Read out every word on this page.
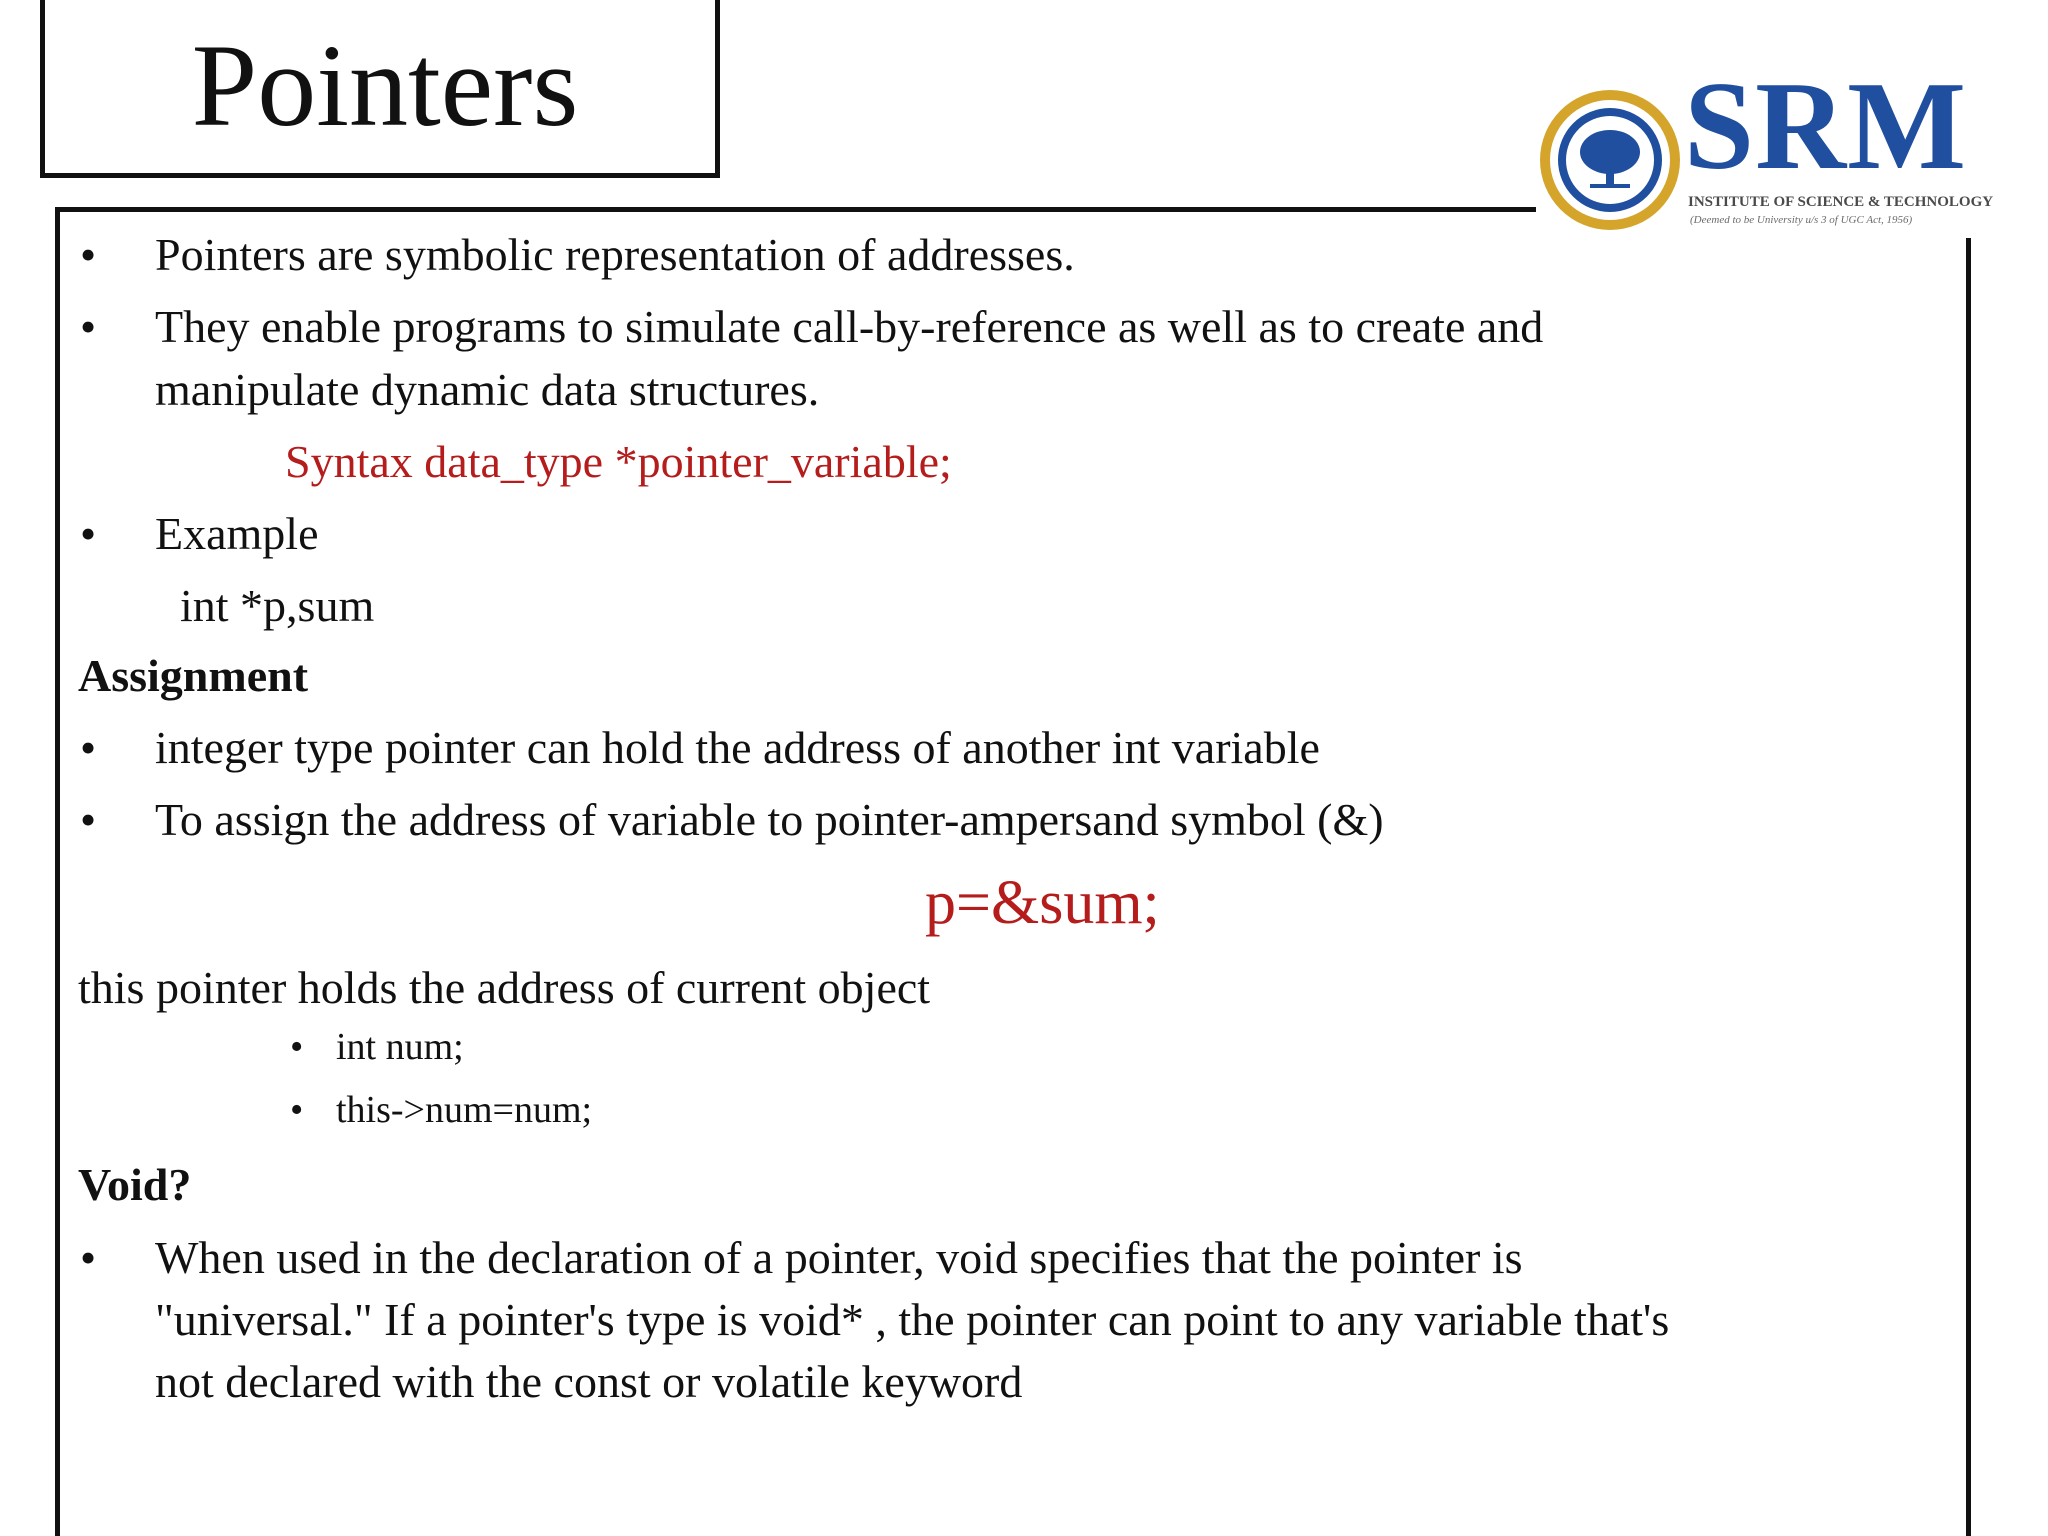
Pointers	SRM
INSTITUTE OF SCIENCE & TECHNOLOGY
(Deemed to be University u/s 3 of UGC Act, 1956)
• Pointers are symbolic representation of addresses.
• They enable programs to simulate call-by-reference as well as to create and
manipulate dynamic data structures.
Syntax data_type *pointer_variable;
• Example
int *p,sum
Assignment
• integer type pointer can hold the address of another int variable
• To assign the address of variable to pointer-ampersand symbol (&)
p=&sum;
this pointer holds the address of current object
• int num;
• this->num=num;
Void?
• When used in the declaration of a pointer, void specifies that the pointer is
"universal." If a pointer's type is void* , the pointer can point to any variable that's
not declared with the const or volatile keyword
